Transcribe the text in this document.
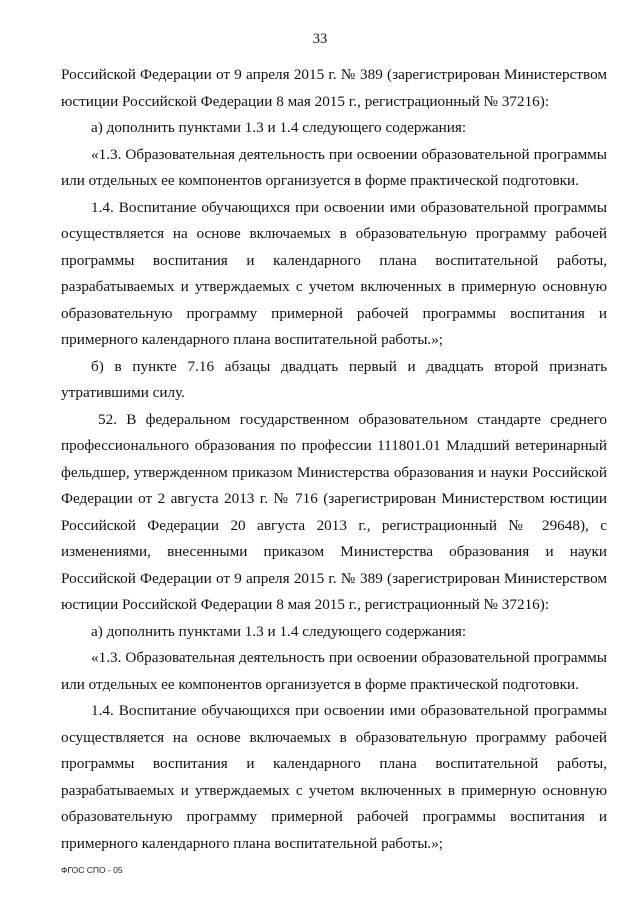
33

Российской Федерации от 9 апреля 2015 г. № 389 (зарегистрирован Министерством юстиции Российской Федерации 8 мая 2015 г., регистрационный № 37216):

а) дополнить пунктами 1.3 и 1.4 следующего содержания:

«1.3. Образовательная деятельность при освоении образовательной программы или отдельных ее компонентов организуется в форме практической подготовки.

1.4. Воспитание обучающихся при освоении ими образовательной программы осуществляется на основе включаемых в образовательную программу рабочей программы воспитания и календарного плана воспитательной работы, разрабатываемых и утверждаемых с учетом включенных в примерную основную образовательную программу примерной рабочей программы воспитания и примерного календарного плана воспитательной работы.»;

б) в пункте 7.16 абзацы двадцать первый и двадцать второй признать утратившими силу.

52. В федеральном государственном образовательном стандарте среднего профессионального образования по профессии 111801.01 Младший ветеринарный фельдшер, утвержденном приказом Министерства образования и науки Российской Федерации от 2 августа 2013 г. № 716 (зарегистрирован Министерством юстиции Российской Федерации 20 августа 2013 г., регистрационный № 29648), с изменениями, внесенными приказом Министерства образования и науки Российской Федерации от 9 апреля 2015 г. № 389 (зарегистрирован Министерством юстиции Российской Федерации 8 мая 2015 г., регистрационный № 37216):

а) дополнить пунктами 1.3 и 1.4 следующего содержания:

«1.3. Образовательная деятельность при освоении образовательной программы или отдельных ее компонентов организуется в форме практической подготовки.

1.4. Воспитание обучающихся при освоении ими образовательной программы осуществляется на основе включаемых в образовательную программу рабочей программы воспитания и календарного плана воспитательной работы, разрабатываемых и утверждаемых с учетом включенных в примерную основную образовательную программу примерной рабочей программы воспитания и примерного календарного плана воспитательной работы.»;

ФГОС СПО - 05
